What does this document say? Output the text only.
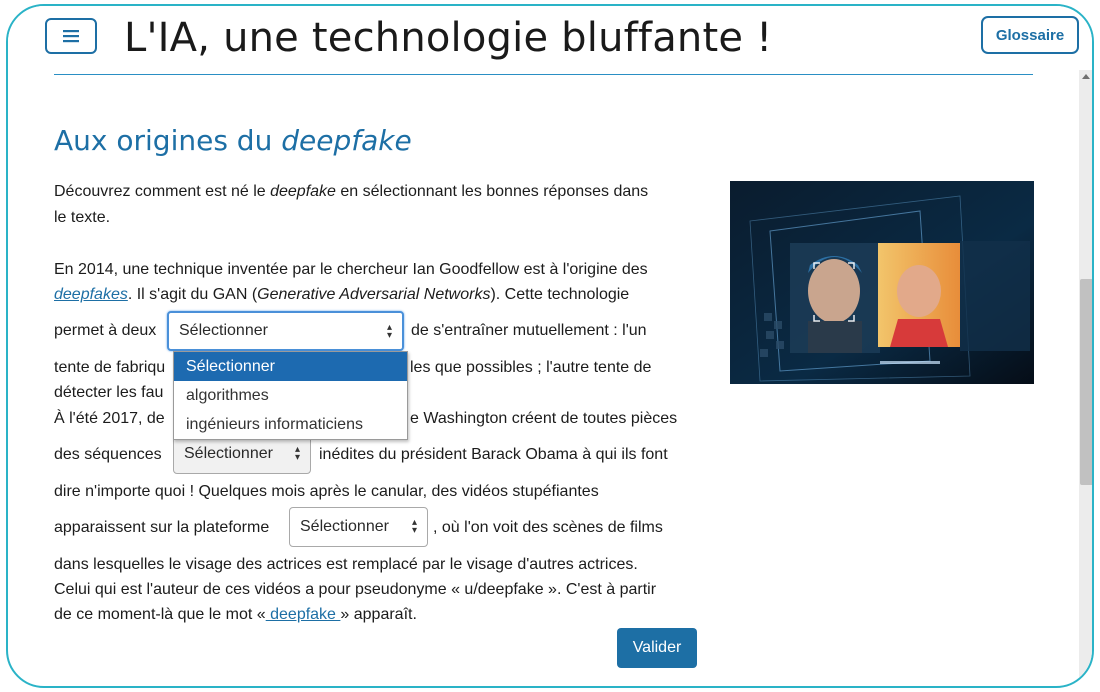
L'IA, une technologie bluffante !	Glossaire
Aux origines du deepfake
Découvrez comment est né le deepfake en sélectionnant les bonnes réponses dans
le texte.
En 2014, une technique inventée par le chercheur Ian Goodfellow est à l'origine des
deepfakes. Il s'agit du GAN (Generative Adversarial Networks). Cette technologie
permet à deux Sélectionner	▴
▾ de s'entraîner mutuellement : l'un
tente de fabriqu	les que possibles ; l'autre tente de
détecter les fau
À l'été 2017, de	e Washington créent de toutes pièces
des séquences Sélectionner ▴
▾ inédites du président Barack Obama à qui ils font
dire n'importe quoi ! Quelques mois après le canular, des vidéos stupéfiantes
apparaissent sur la plateforme Sélectionner ▴
▾ , où l'on voit des scènes de films
dans lesquelles le visage des actrices est remplacé par le visage d'autres actrices.
Celui qui est l'auteur de ces vidéos a pour pseudonyme « u/deepfake ». C'est à partir
de ce moment-là que le mot « deepfake » apparaît.
Sélectionner
algorithmes
ingénieurs informaticiens
Valider
